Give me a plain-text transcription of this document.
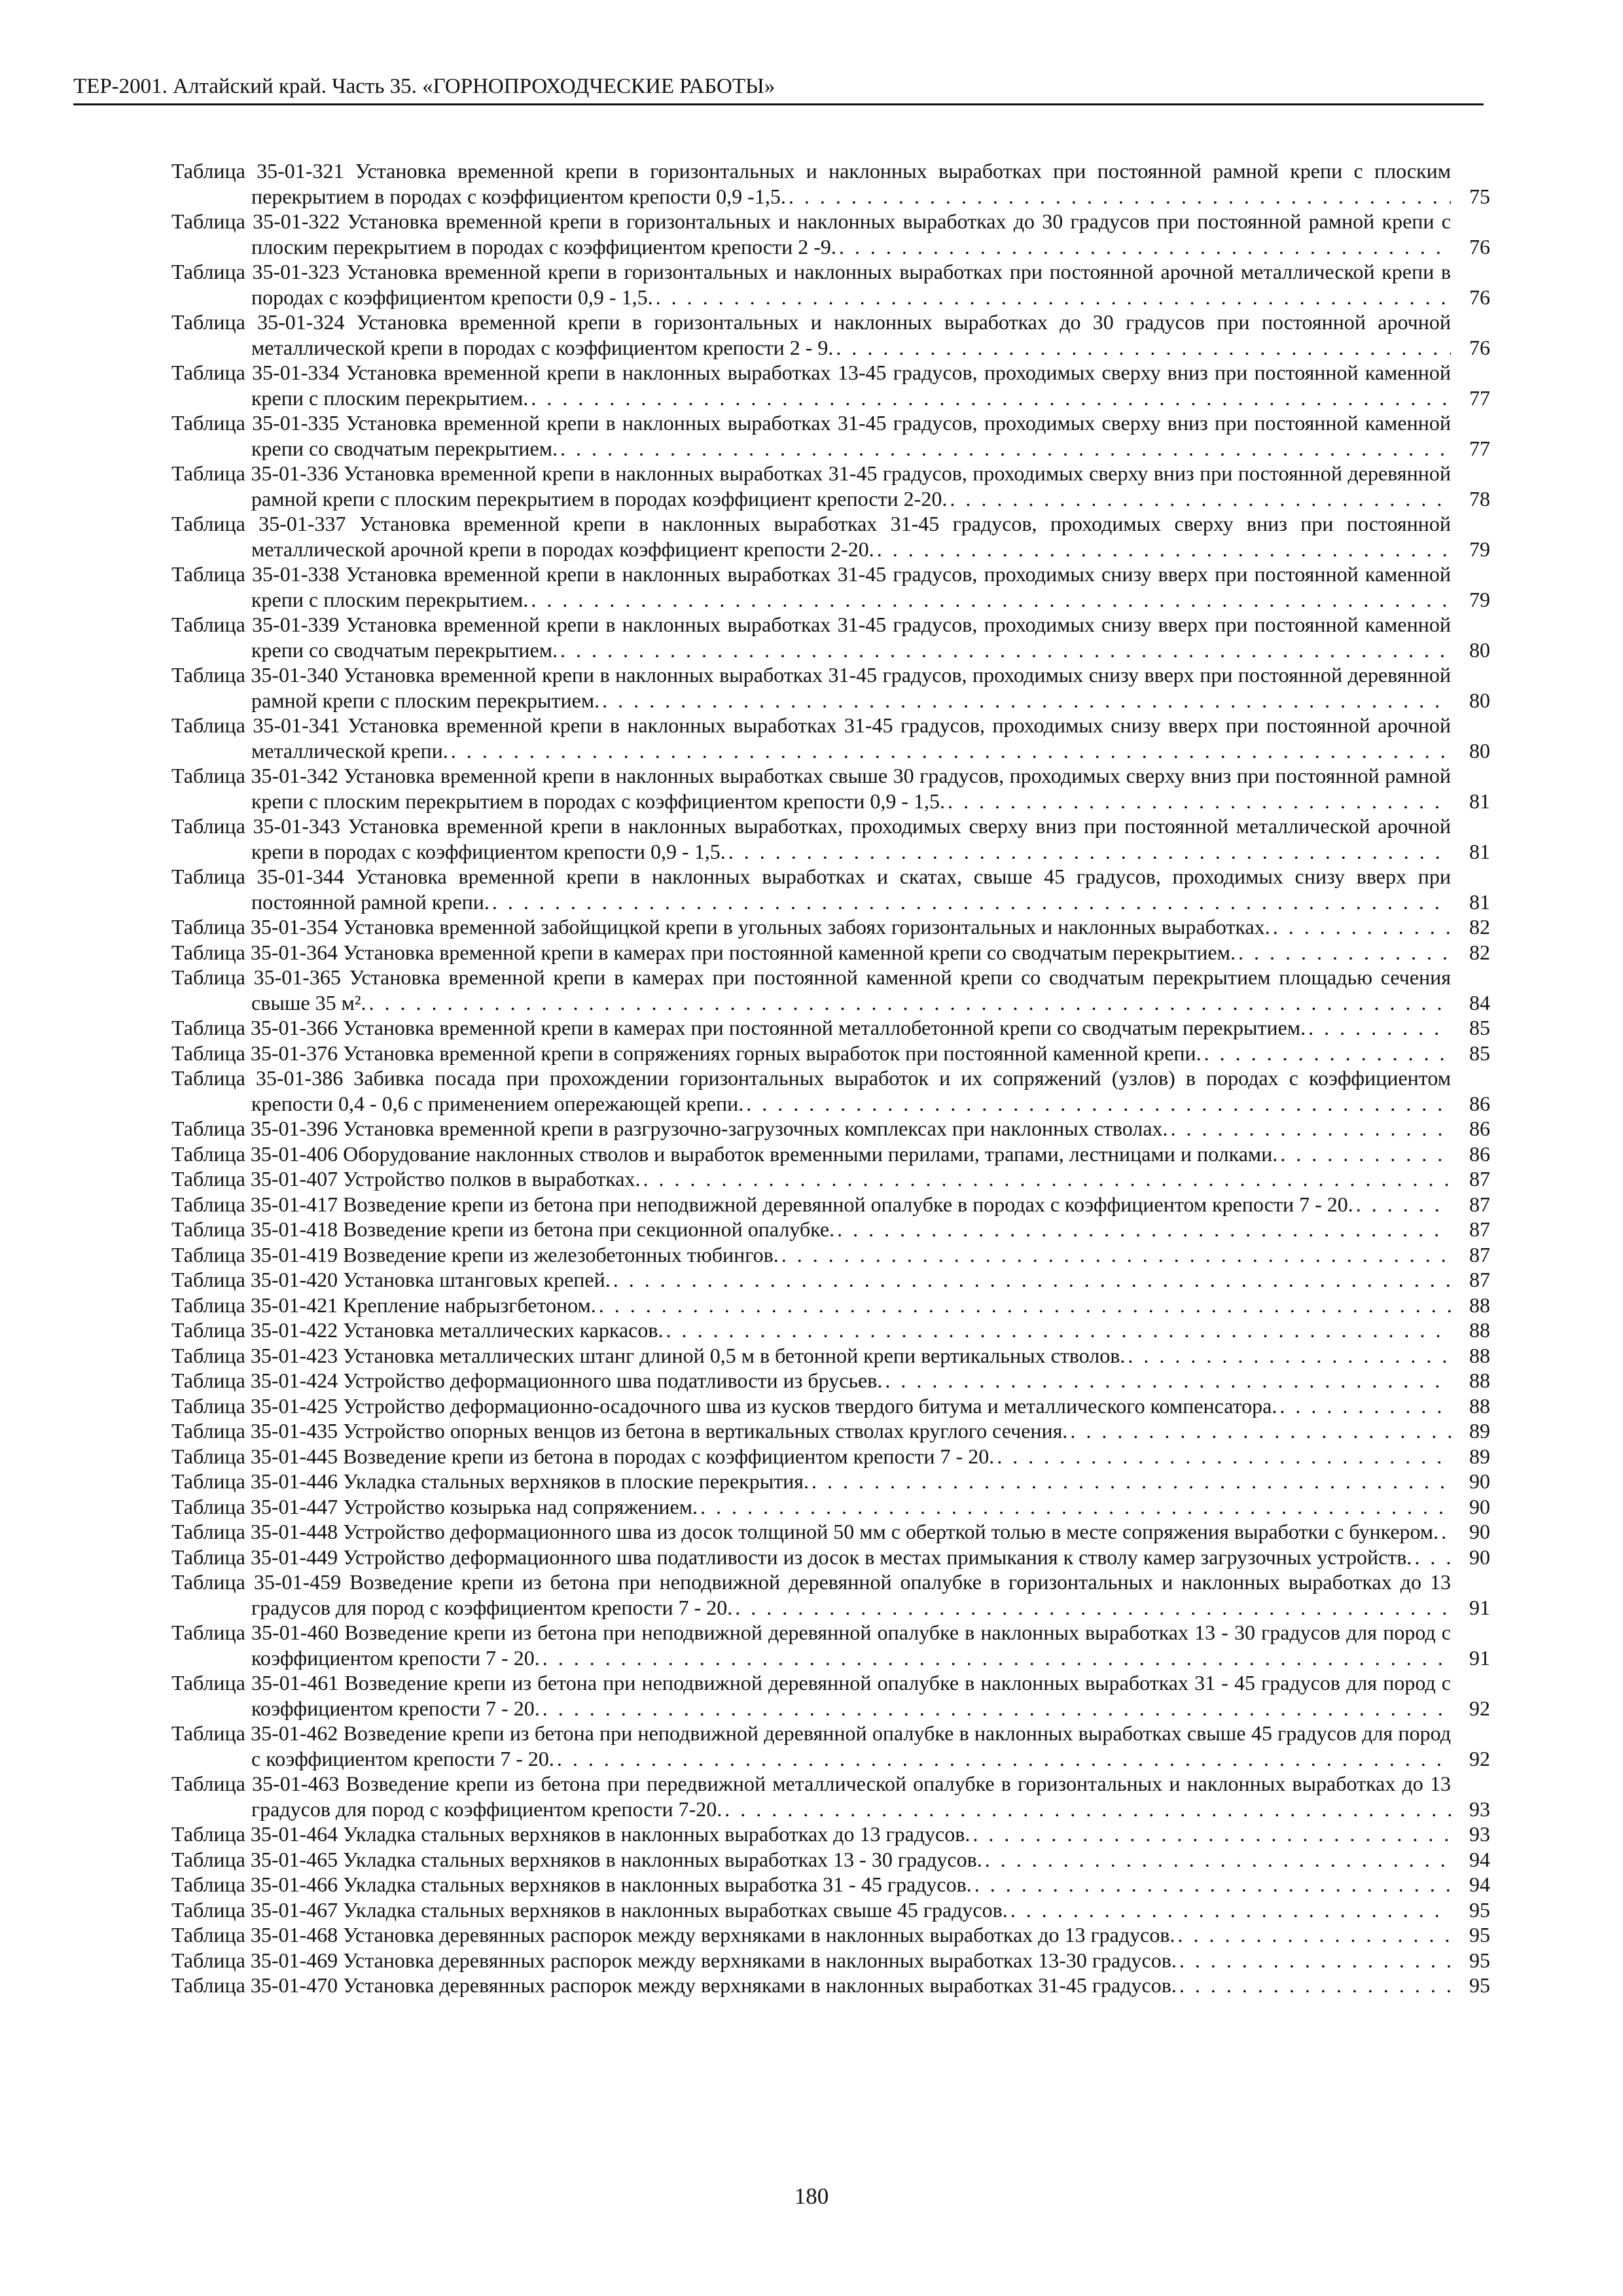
ТЕР-2001. Алтайский край. Часть 35. «ГОРНОПРОХОДЧЕСКИЕ РАБОТЫ»
Таблица 35-01-321 Установка временной крепи в горизонтальных и наклонных выработках при постоянной рамной крепи с плоским перекрытием в породах с коэффициентом крепости 0,9 -1,5. . . .	75
Таблица 35-01-322 Установка временной крепи в горизонтальных и наклонных выработках до 30 градусов при постоянной рамной крепи с плоским перекрытием в породах с коэффициентом крепости 2 -9. . . .	76
Таблица 35-01-323 Установка временной крепи в горизонтальных и наклонных выработках при постоянной арочной металлической крепи в породах с коэффициентом крепости 0,9 - 1,5. . . .	76
Таблица 35-01-324 Установка временной крепи в горизонтальных и наклонных выработках до 30 градусов при постоянной арочной металлической крепи в породах с коэффициентом крепости 2 - 9. . . .	76
Таблица 35-01-334 Установка временной крепи в наклонных выработках 13-45 градусов, проходимых сверху вниз при постоянной каменной крепи с плоским перекрытием. . . .	77
Таблица 35-01-335 Установка временной крепи в наклонных выработках 31-45 градусов, проходимых сверху вниз при постоянной каменной крепи со сводчатым перекрытием. . . .	77
Таблица 35-01-336 Установка временной крепи в наклонных выработках 31-45 градусов, проходимых сверху вниз при постоянной деревянной рамной крепи с плоским перекрытием в породах коэффициент крепости 2-20. . . .	78
Таблица 35-01-337 Установка временной крепи в наклонных выработках 31-45 градусов, проходимых сверху вниз при постоянной металлической арочной крепи в породах коэффициент крепости 2-20. . . .	79
Таблица 35-01-338 Установка временной крепи в наклонных выработках 31-45 градусов, проходимых снизу вверх при постоянной каменной крепи с плоским перекрытием. . . .	79
Таблица 35-01-339 Установка временной крепи в наклонных выработках 31-45 градусов, проходимых снизу вверх при постоянной каменной крепи со сводчатым перекрытием. . . .	80
Таблица 35-01-340 Установка временной крепи в наклонных выработках 31-45 градусов, проходимых снизу вверх при постоянной деревянной рамной крепи с плоским перекрытием. . . .	80
Таблица 35-01-341 Установка временной крепи в наклонных выработках 31-45 градусов, проходимых снизу вверх при постоянной арочной металлической крепи. . . .	80
Таблица 35-01-342 Установка временной крепи в наклонных выработках свыше 30 градусов, проходимых сверху вниз при постоянной рамной крепи с плоским перекрытием в породах с коэффициентом крепости 0,9 - 1,5. . . .	81
Таблица 35-01-343 Установка временной крепи в наклонных выработках, проходимых сверху вниз при постоянной металлической арочной крепи в породах с коэффициентом крепости 0,9 - 1,5. . . .	81
Таблица 35-01-344 Установка временной крепи в наклонных выработках и скатах, свыше 45 градусов, проходимых снизу вверх при постоянной рамной крепи. . . .	81
Таблица 35-01-354 Установка временной забойщицкой крепи в угольных забоях горизонтальных и наклонных выработках. . . .	82
Таблица 35-01-364 Установка временной крепи в камерах при постоянной каменной крепи со сводчатым перекрытием. . . .	82
Таблица 35-01-365 Установка временной крепи в камерах при постоянной каменной крепи со сводчатым перекрытием площадью сечения свыше 35 м². . . .	84
Таблица 35-01-366 Установка временной крепи в камерах при постоянной металлобетонной крепи со сводчатым перекрытием. . . .	85
Таблица 35-01-376 Установка временной крепи в сопряжениях горных выработок при постоянной каменной крепи. . . .	85
Таблица 35-01-386 Забивка посада при прохождении горизонтальных выработок и их сопряжений (узлов) в породах с коэффициентом крепости 0,4 - 0,6 с применением опережающей крепи. . . .	86
Таблица 35-01-396 Установка временной крепи в разгрузочно-загрузочных комплексах при наклонных стволах. . . .	86
Таблица 35-01-406 Оборудование наклонных стволов и выработок временными перилами, трапами, лестницами и полками. . . .	86
Таблица 35-01-407 Устройство полков в выработках. . . .	87
Таблица 35-01-417 Возведение крепи из бетона при неподвижной деревянной опалубке в породах с коэффициентом крепости 7 - 20. . . .	87
Таблица 35-01-418 Возведение крепи из бетона при секционной опалубке. . . .	87
Таблица 35-01-419 Возведение крепи из железобетонных тюбингов. . . .	87
Таблица 35-01-420 Установка штанговых крепей. . . .	87
Таблица 35-01-421 Крепление набрызгбетоном. . . .	88
Таблица 35-01-422 Установка металлических каркасов. . . .	88
Таблица 35-01-423 Установка металлических штанг длиной 0,5 м в бетонной крепи вертикальных стволов. . . .	88
Таблица 35-01-424 Устройство деформационного шва податливости из брусьев. . . .	88
Таблица 35-01-425 Устройство деформационно-осадочного шва из кусков твердого битума и металлического компенсатора. . . .	88
Таблица 35-01-435 Устройство опорных венцов из бетона в вертикальных стволах круглого сечения. . . .	89
Таблица 35-01-445 Возведение крепи из бетона в породах с коэффициентом крепости 7 - 20. . . .	89
Таблица 35-01-446 Укладка стальных верхняков в плоские перекрытия. . . .	90
Таблица 35-01-447 Устройство козырька над сопряжением. . . .	90
Таблица 35-01-448 Устройство деформационного шва из досок толщиной 50 мм с оберткой толью в месте сопряжения выработки с бункером. . . .	90
Таблица 35-01-449 Устройство деформационного шва податливости из досок в местах примыкания к стволу камер загрузочных устройств. . . .	90
Таблица 35-01-459 Возведение крепи из бетона при неподвижной деревянной опалубке в горизонтальных и наклонных выработках до 13 градусов для пород с коэффициентом крепости 7 - 20. . . .	91
Таблица 35-01-460 Возведение крепи из бетона при неподвижной деревянной опалубке в наклонных выработках 13 - 30 градусов для пород с коэффициентом крепости 7 - 20. . . .	91
Таблица 35-01-461 Возведение крепи из бетона при неподвижной деревянной опалубке в наклонных выработках 31 - 45 градусов для пород с коэффициентом крепости 7 - 20. . . .	92
Таблица 35-01-462 Возведение крепи из бетона при неподвижной деревянной опалубке в наклонных выработках свыше 45 градусов для пород с коэффициентом крепости 7 - 20. . . .	92
Таблица 35-01-463 Возведение крепи из бетона при передвижной металлической опалубке в горизонтальных и наклонных выработках до 13 градусов для пород с коэффициентом крепости 7-20. . . .	93
Таблица 35-01-464 Укладка стальных верхняков в наклонных выработках до 13 градусов. . . .	93
Таблица 35-01-465 Укладка стальных верхняков в наклонных выработках 13 - 30 градусов. . . .	94
Таблица 35-01-466 Укладка стальных верхняков в наклонных выработка 31 - 45 градусов. . . .	94
Таблица 35-01-467 Укладка стальных верхняков в наклонных выработках свыше 45 градусов. . . .	95
Таблица 35-01-468 Установка деревянных распорок между верхняками в наклонных выработках до 13 градусов. . . .	95
Таблица 35-01-469 Установка деревянных распорок между верхняками в наклонных выработках 13-30 градусов. . . .	95
Таблица 35-01-470 Установка деревянных распорок между верхняками в наклонных выработках 31-45 градусов. . . .	95
180
